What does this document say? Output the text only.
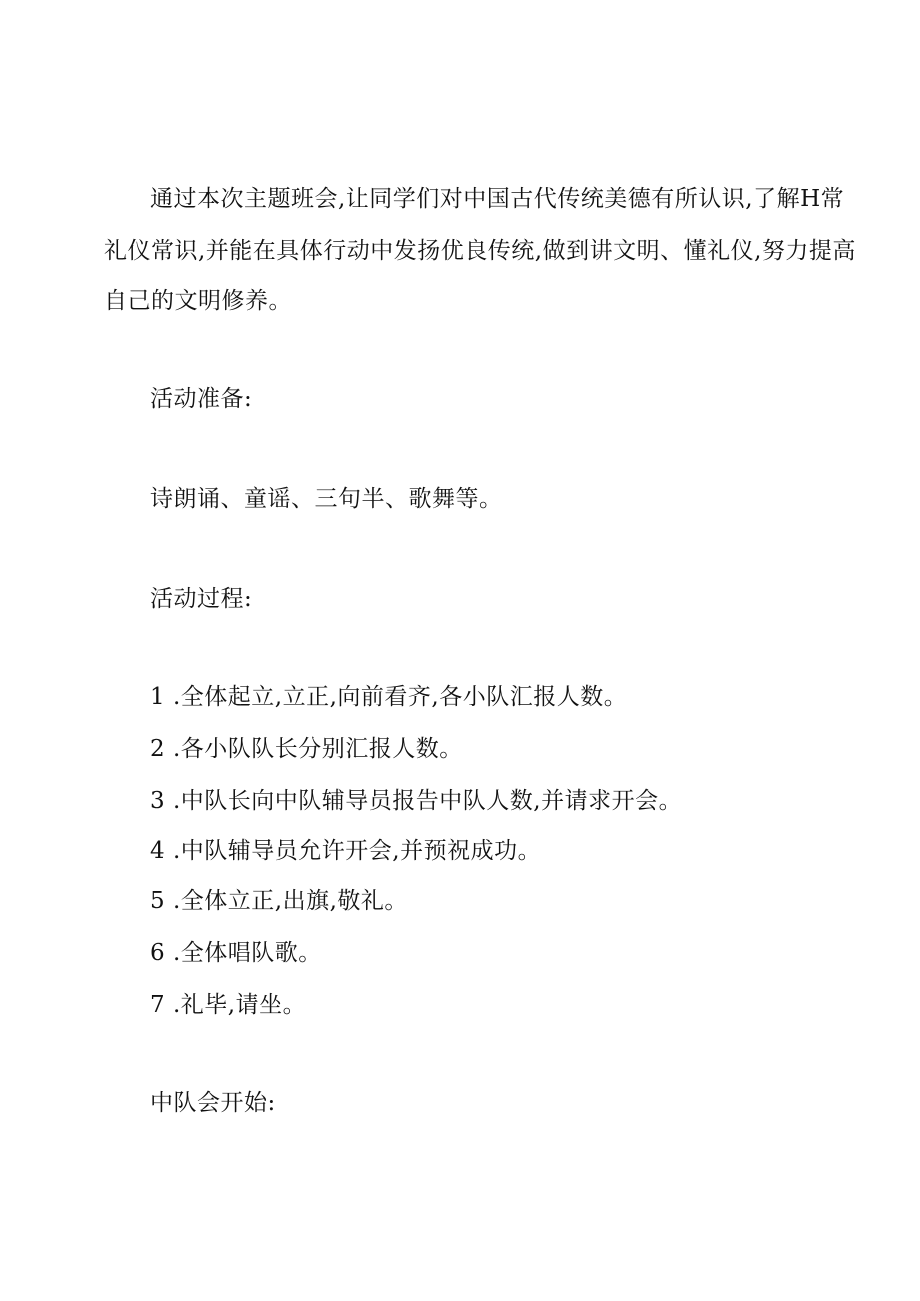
通过本次主题班会,让同学们对中国古代传统美德有所认识,了解H常
礼仪常识,并能在具体行动中发扬优良传统,做到讲文明、懂礼仪,努力提高
自己的文明修养。
活动准备:
诗朗诵、童谣、三句半、歌舞等。
活动过程:
1 .全体起立,立正,向前看齐,各小队汇报人数。
2 .各小队队长分别汇报人数。
3 .中队长向中队辅导员报告中队人数,并请求开会。
4 .中队辅导员允许开会,并预祝成功。
5 .全体立正,出旗,敬礼。
6 .全体唱队歌。
7 .礼毕,请坐。
中队会开始:
